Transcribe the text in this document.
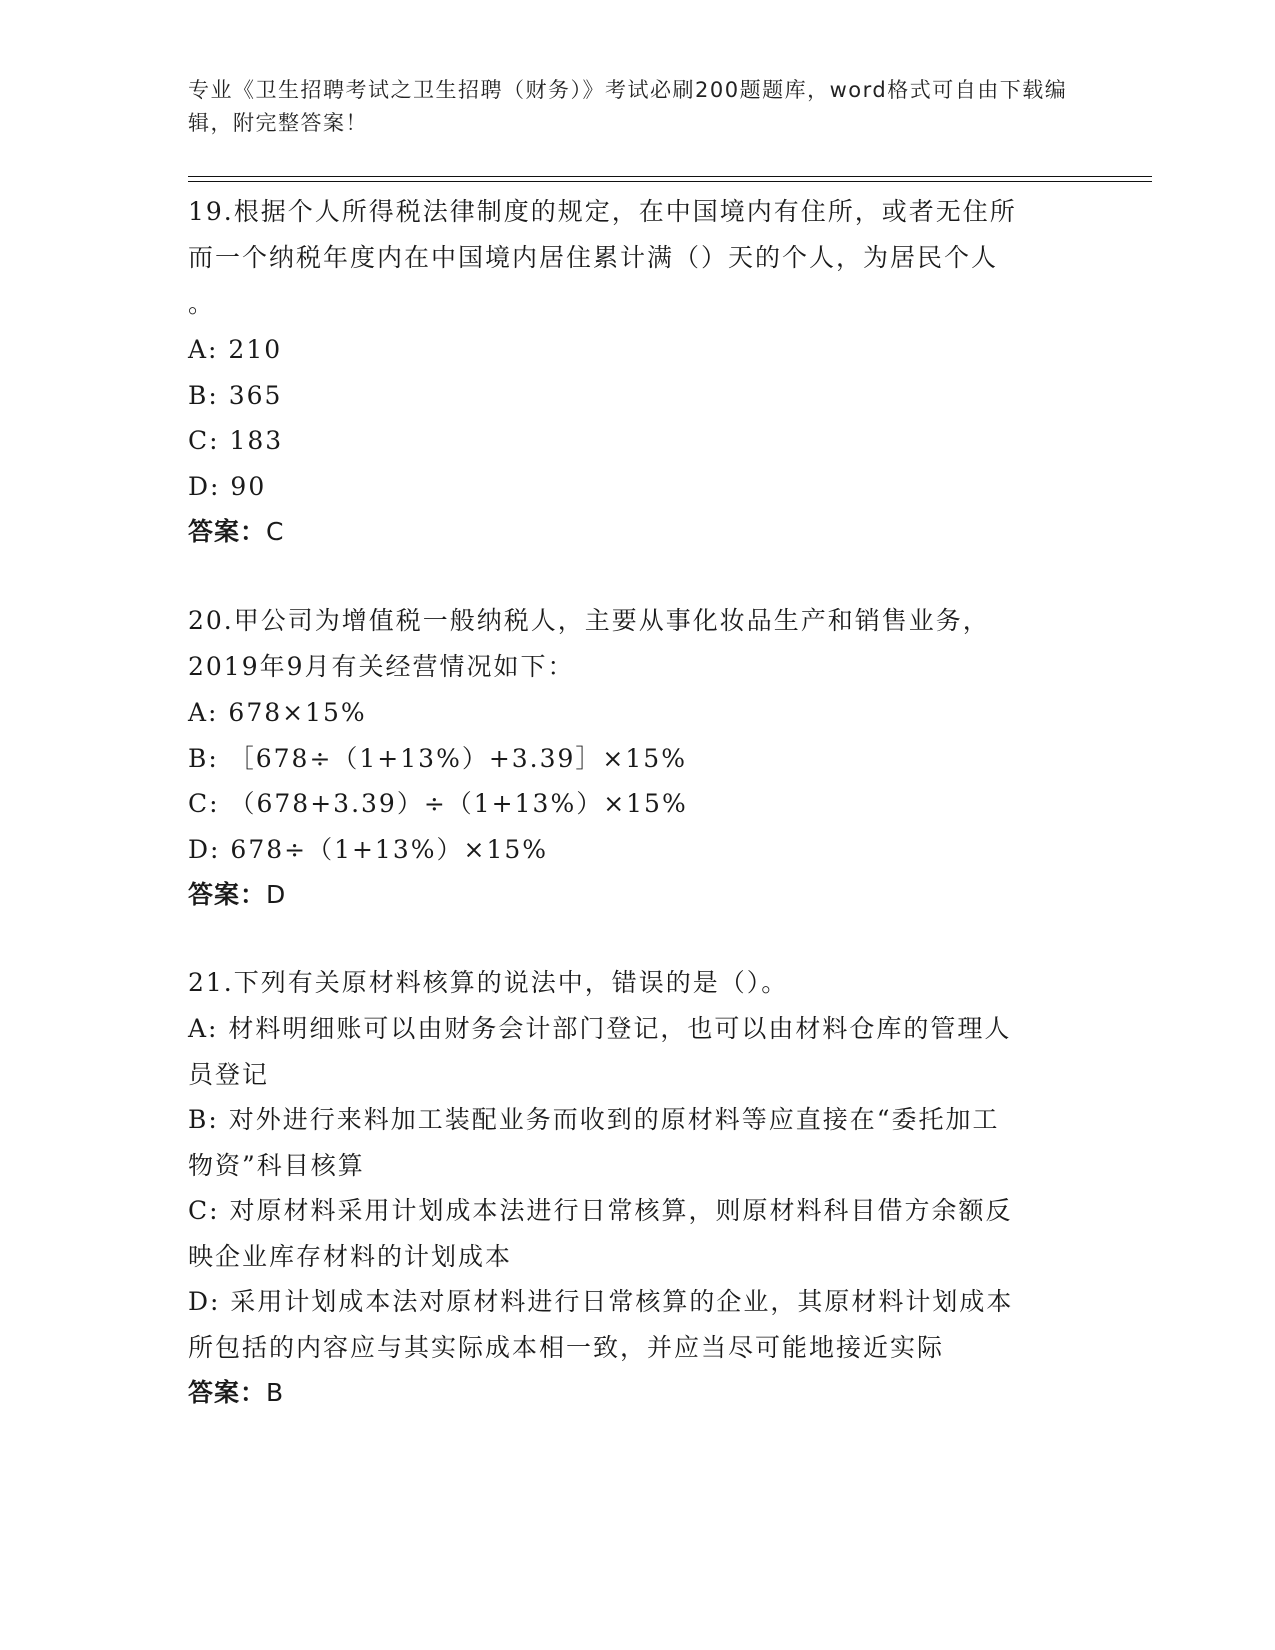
专业《卫生招聘考试之卫生招聘（财务）》考试必刷200题题库，word格式可自由下载编辑，附完整答案！
19.根据个人所得税法律制度的规定，在中国境内有住所，或者无住所
而一个纳税年度内在中国境内居住累计满（）天的个人，为居民个人
。
A: 210
B: 365
C: 183
D: 90
答案：C
20.甲公司为增值税一般纳税人，主要从事化妆品生产和销售业务，
2019年9月有关经营情况如下：
A: 678×15%
B: ［678÷（1+13%）+3.39］×15%
C: （678+3.39）÷（1+13%）×15%
D: 678÷（1+13%）×15%
答案：D
21.下列有关原材料核算的说法中，错误的是（）。
A: 材料明细账可以由财务会计部门登记，也可以由材料仓库的管理人
员登记
B: 对外进行来料加工装配业务而收到的原材料等应直接在“委托加工
物资”科目核算
C: 对原材料采用计划成本法进行日常核算，则原材料科目借方余额反
映企业库存材料的计划成本
D: 采用计划成本法对原材料进行日常核算的企业，其原材料计划成本
所包括的内容应与其实际成本相一致，并应当尽可能地接近实际
答案：B
